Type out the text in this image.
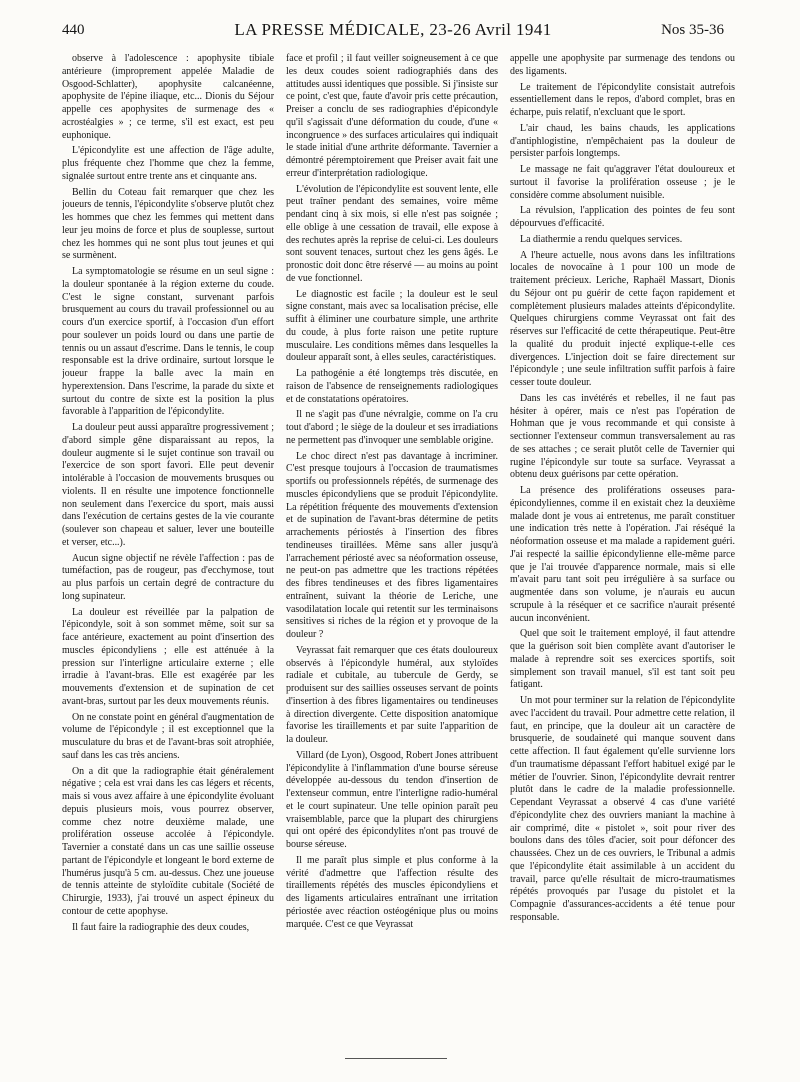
440	LA PRESSE MÉDICALE, 23-26 Avril 1941	Nos 35-36

observe à l'adolescence : apophysite tibiale antérieure (improprement appelée Maladie de Osgood-Schlatter), apophysite calcanéenne, apophysite de l'épine iliaque, etc... Dionis du Séjour appelle ces apophysites de surmenage des « acrostéalgies » ; ce terme, s'il est exact, est peu euphonique.

L'épicondylite est une affection de l'âge adulte, plus fréquente chez l'homme que chez la femme, signalée surtout entre trente ans et cinquante ans.

Bellin du Coteau fait remarquer que chez les joueurs de tennis, l'épicondylite s'observe plutôt chez les hommes que chez les femmes qui mettent dans leur jeu moins de force et plus de souplesse, surtout chez les hommes qui ne sont plus tout jeunes et qui se surmènent.

La symptomatologie se résume en un seul signe : la douleur spontanée à la région externe du coude. C'est le signe constant, survenant parfois brusquement au cours du travail professionnel ou au cours d'un exercice sportif, à l'occasion d'un effort pour soulever un poids lourd ou dans une partie de tennis ou un assaut d'escrime. Dans le tennis, le coup responsable est la drive ordinaire, surtout lorsque le joueur frappe la balle avec la main en hyperextension. Dans l'escrime, la parade du sixte et surtout du contre de sixte est la position la plus favorable à l'apparition de l'épicondylite.

La douleur peut aussi apparaître progressivement ; d'abord simple gêne disparaissant au repos, la douleur augmente si le sujet continue son travail ou l'exercice de son sport favori. Elle peut devenir intolérable à l'occasion de mouvements brusques ou violents. Il en résulte une impotence fonctionnelle non seulement dans l'exercice du sport, mais aussi dans l'exécution de certains gestes de la vie courante (soulever son chapeau et saluer, lever une bouteille et verser, etc...).

Aucun signe objectif ne révèle l'affection : pas de tuméfaction, pas de rougeur, pas d'ecchymose, tout au plus parfois un certain degré de contracture du long supinateur.

La douleur est réveillée par la palpation de l'épicondyle, soit à son sommet même, soit sur sa face antérieure, exactement au point d'insertion des muscles épicondyliens ; elle est atténuée à la pression sur l'interligne articulaire externe ; elle irradie à l'avant-bras. Elle est exagérée par les mouvements d'extension et de supination de cet avant-bras, surtout par les deux mouvements réunis.

On ne constate point en général d'augmentation de volume de l'épicondyle ; il est exceptionnel que la musculature du bras et de l'avant-bras soit atrophiée, sauf dans les cas très anciens.

On a dit que la radiographie était généralement négative ; cela est vrai dans les cas légers et récents, mais si vous avez affaire à une épicondylite évoluant depuis plusieurs mois, vous pourrez observer, comme chez notre deuxième malade, une prolifération osseuse accolée à l'épicondyle. Tavernier a constaté dans un cas une saillie osseuse partant de l'épicondyle et longeant le bord externe de l'humérus jusqu'à 5 cm. au-dessus. Chez une joueuse de tennis atteinte de styloïdite cubitale (Société de Chirurgie, 1933), j'ai trouvé un aspect épineux du contour de cette apophyse.

Il faut faire la radiographie des deux coudes,

face et profil ; il faut veiller soigneusement à ce que les deux coudes soient radiographiés dans des attitudes aussi identiques que possible. Si j'insiste sur ce point, c'est que, faute d'avoir pris cette précaution, Preiser a conclu de ses radiographies d'épicondyle qu'il s'agissait d'une déformation du coude, d'une « incongruence » des surfaces articulaires qui indiquait le stade initial d'une arthrite déformante. Tavernier a démontré péremptoirement que Preiser avait fait une erreur d'interprétation radiologique.

L'évolution de l'épicondylite est souvent lente, elle peut traîner pendant des semaines, voire même pendant cinq à six mois, si elle n'est pas soignée ; elle oblige à une cessation de travail, elle expose à des rechutes après la reprise de celui-ci. Les douleurs sont souvent tenaces, surtout chez les gens âgés. Le pronostic doit donc être réservé — au moins au point de vue fonctionnel.

Le diagnostic est facile ; la douleur est le seul signe constant, mais avec sa localisation précise, elle suffit à éliminer une courbature simple, une arthrite du coude, à plus forte raison une petite rupture musculaire. Les conditions mêmes dans lesquelles la douleur apparaît sont, à elles seules, caractéristiques.

La pathogénie a été longtemps très discutée, en raison de l'absence de renseignements radiologiques et de constatations opératoires.

Il ne s'agit pas d'une névralgie, comme on l'a cru tout d'abord ; le siège de la douleur et ses irradiations ne permettent pas d'invoquer une semblable origine.

Le choc direct n'est pas davantage à incriminer. C'est presque toujours à l'occasion de traumatismes sportifs ou professionnels répétés, de surmenage des muscles épicondyliens que se produit l'épicondylite. La répétition fréquente des mouvements d'extension et de supination de l'avant-bras détermine de petits arrachements périostés à l'insertion des fibres tendineuses tiraillées. Même sans aller jusqu'à l'arrachement périosté avec sa néoformation osseuse, ne peut-on pas admettre que les tractions répétées des fibres tendineuses et des fibres ligamentaires entraînent, suivant la théorie de Leriche, une vasodilatation locale qui retentit sur les terminaisons sensitives si riches de la région et y provoque de la douleur ?

Veyrassat fait remarquer que ces états douloureux observés à l'épicondyle huméral, aux styloïdes radiale et cubitale, au tubercule de Gerdy, se produisent sur des saillies osseuses servant de points d'insertion à des fibres ligamentaires ou tendineuses à direction divergente. Cette disposition anatomique favorise les tiraillements et par suite l'apparition de la douleur.

Villard (de Lyon), Osgood, Robert Jones attribuent l'épicondylite à l'inflammation d'une bourse séreuse développée au-dessous du tendon d'insertion de l'extenseur commun, entre l'interligne radio-huméral et le court supinateur. Une telle opinion paraît peu vraisemblable, parce que la plupart des chirurgiens qui ont opéré des épicondylites n'ont pas trouvé de bourse séreuse.

Il me paraît plus simple et plus conforme à la vérité d'admettre que l'affection résulte des tiraillements répétés des muscles épicondyliens et des ligaments articulaires entraînant une irritation périostée avec réaction ostéogénique plus ou moins marquée. C'est ce que Veyrassat

appelle une apophysite par surmenage des tendons ou des ligaments.

Le traitement de l'épicondylite consistait autrefois essentiellement dans le repos, d'abord complet, bras en écharpe, puis relatif, n'excluant que le sport.

L'air chaud, les bains chauds, les applications d'antiphlogistine, n'empêchaient pas la douleur de persister parfois longtemps.

Le massage ne fait qu'aggraver l'état douloureux et surtout il favorise la prolifération osseuse ; je le considère comme absolument nuisible.

La révulsion, l'application des pointes de feu sont dépourvues d'efficacité.

La diathermie a rendu quelques services.

A l'heure actuelle, nous avons dans les infiltrations locales de novocaïne à 1 pour 100 un mode de traitement précieux. Leriche, Raphaël Massart, Dionis du Séjour ont pu guérir de cette façon rapidement et complètement plusieurs malades atteints d'épicondylite. Quelques chirurgiens comme Veyrassat ont fait des réserves sur l'efficacité de cette thérapeutique. Peut-être la qualité du produit injecté explique-t-elle ces divergences. L'injection doit se faire directement sur l'épicondyle ; une seule infiltration suffit parfois à faire cesser toute douleur.

Dans les cas invétérés et rebelles, il ne faut pas hésiter à opérer, mais ce n'est pas l'opération de Hohman que je vous recommande et qui consiste à sectionner l'extenseur commun transversalement au ras de ses attaches ; ce serait plutôt celle de Tavernier qui rugine l'épicondyle sur toute sa surface. Veyrassat a obtenu deux guérisons par cette opération.

La présence des proliférations osseuses para-épicondyliennes, comme il en existait chez la deuxième malade dont je vous ai entretenus, me paraît constituer une indication très nette à l'opération. J'ai réséqué la néoformation osseuse et ma malade a rapidement guéri. J'ai respecté la saillie épicondylienne elle-même parce que je l'ai trouvée d'apparence normale, mais si elle m'avait paru tant soit peu irrégulière à sa surface ou augmentée dans son volume, je n'aurais eu aucun scrupule à la réséquer et ce sacrifice n'aurait présenté aucun inconvénient.

Quel que soit le traitement employé, il faut attendre que la guérison soit bien complète avant d'autoriser le malade à reprendre soit ses exercices sportifs, soit simplement son travail manuel, s'il est tant soit peu fatigant.

Un mot pour terminer sur la relation de l'épicondylite avec l'accident du travail. Pour admettre cette relation, il faut, en principe, que la douleur ait un caractère de brusquerie, de soudaineté qui manque souvent dans cette affection. Il faut également qu'elle survienne lors d'un traumatisme dépassant l'effort habituel exigé par le métier de l'ouvrier. Sinon, l'épicondylite devrait rentrer plutôt dans le cadre de la maladie professionnelle. Cependant Veyrassat a observé 4 cas d'une variété d'épicondylite chez des ouvriers maniant la machine à air comprimé, dite « pistolet », soit pour river des boulons dans des tôles d'acier, soit pour défoncer des chaussées. Chez un de ces ouvriers, le Tribunal a admis que l'épicondylite était assimilable à un accident du travail, parce qu'elle résultait de micro-traumatismes répétés provoqués par l'usage du pistolet et la Compagnie d'assurances-accidents a été tenue pour responsable.
